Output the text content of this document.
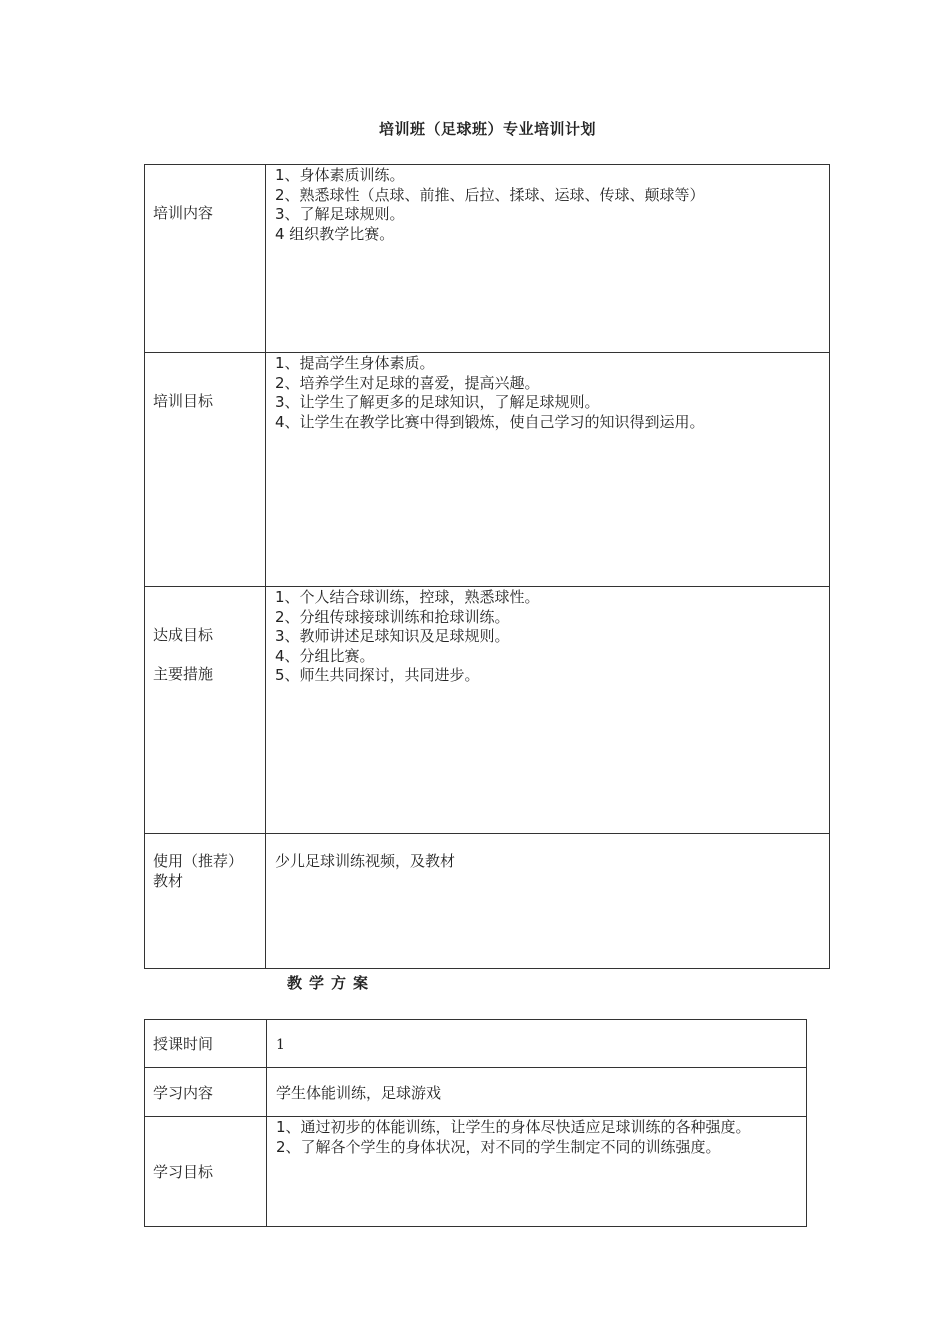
培训班（足球班）专业培训计划
培训内容	1、身体素质训练。
2、熟悉球性（点球、前推、后拉、揉球、运球、传球、颠球等）
3、了解足球规则。
4 组织教学比赛。

培训目标	1、提高学生身体素质。
2、培养学生对足球的喜爱，提高兴趣。
3、让学生了解更多的足球知识，了解足球规则。
4、让学生在教学比赛中得到锻炼，使自己学习的知识得到运用。

达成目标
主要措施	1、个人结合球训练，控球，熟悉球性。
2、分组传球接球训练和抢球训练。
3、教师讲述足球知识及足球规则。
4、分组比赛。
5、师生共同探讨，共同进步。

使用（推荐）
教材	少儿足球训练视频，及教材
教学方案
授课时间	1
学习内容	学生体能训练，足球游戏
学习目标	1、通过初步的体能训练，让学生的身体尽快适应足球训练的各种强度。
2、了解各个学生的身体状况，对不同的学生制定不同的训练强度。
